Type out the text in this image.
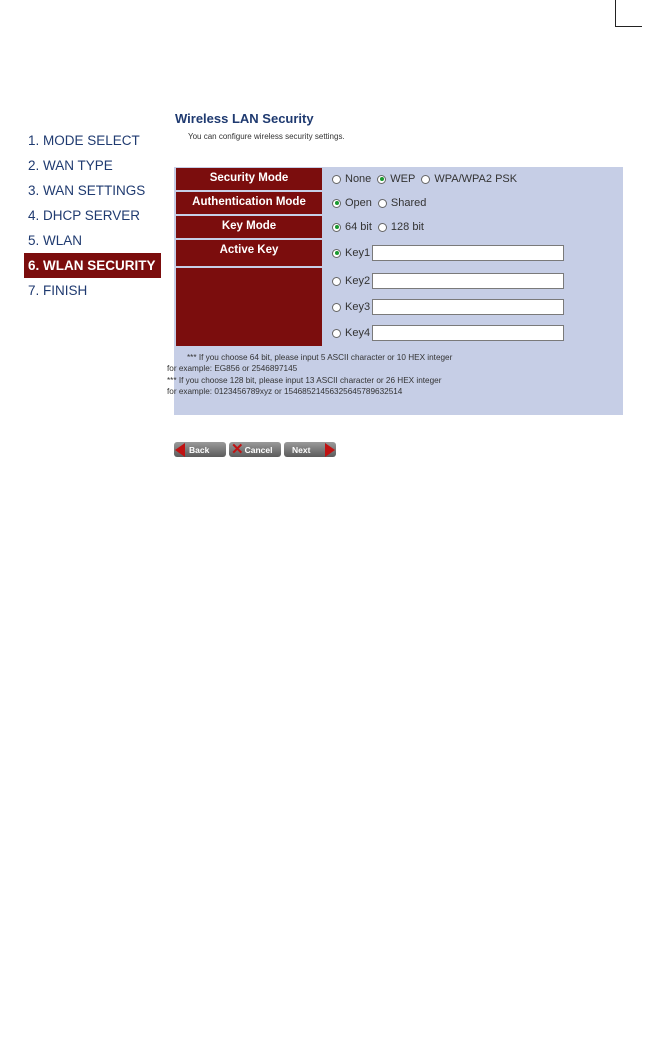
1. MODE SELECT
2. WAN TYPE
3. WAN SETTINGS
4. DHCP SERVER
5. WLAN
6. WLAN SECURITY
7. FINISH
Wireless LAN Security
You can configure wireless security settings.
Security Mode	None WEP WPA/WPA2 PSK
Authentication Mode	Open Shared
Key Mode	64 bit 128 bit
Active Key	Key1
Key2
Key3
Key4
*** If you choose 64 bit, please input 5 ASCII character or 10 HEX integer
for example: EG856 or 2546897145
*** If you choose 128 bit, please input 13 ASCII character or 26 HEX integer
for example: 0123456789xyz or 15468521456325645789632514
Back ✕ Cancel	Next
